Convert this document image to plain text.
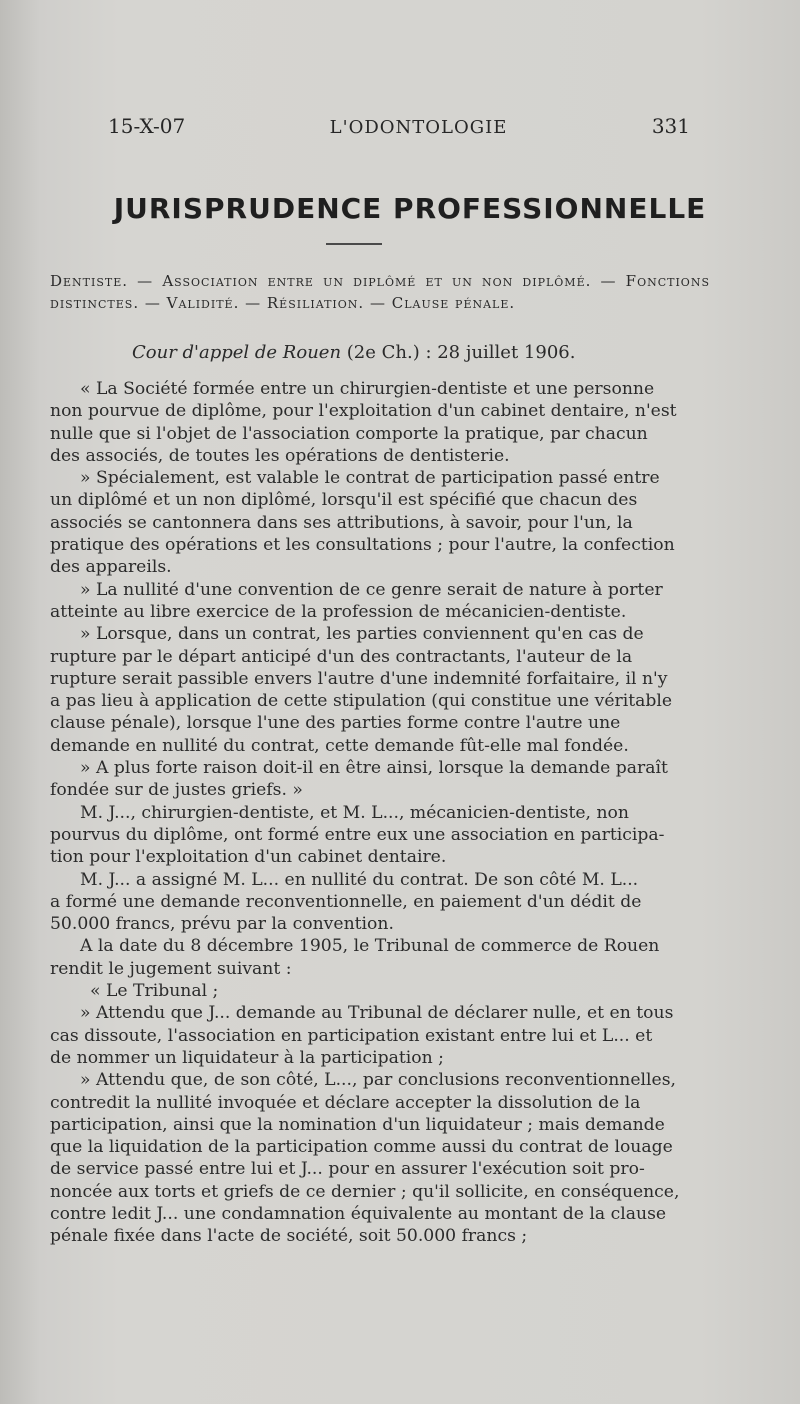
15-X-07	L'ODONTOLOGIE	331
JURISPRUDENCE PROFESSIONNELLE
Dentiste. — Association entre un diplômé et un non diplômé. — Fonctions distinctes. — Validité. — Résiliation. — Clause pénale.
Cour d'appel de Rouen (2e Ch.) : 28 juillet 1906.
« La Société formée entre un chirurgien-dentiste et une personne
non pourvue de diplôme, pour l'exploitation d'un cabinet dentaire, n'est
nulle que si l'objet de l'association comporte la pratique, par chacun
des associés, de toutes les opérations de dentisterie.
» Spécialement, est valable le contrat de participation passé entre
un diplômé et un non diplômé, lorsqu'il est spécifié que chacun des
associés se cantonnera dans ses attributions, à savoir, pour l'un, la
pratique des opérations et les consultations ; pour l'autre, la confection
des appareils.
» La nullité d'une convention de ce genre serait de nature à porter
atteinte au libre exercice de la profession de mécanicien-dentiste.
» Lorsque, dans un contrat, les parties conviennent qu'en cas de
rupture par le départ anticipé d'un des contractants, l'auteur de la
rupture serait passible envers l'autre d'une indemnité forfaitaire, il n'y
a pas lieu à application de cette stipulation (qui constitue une véritable
clause pénale), lorsque l'une des parties forme contre l'autre une
demande en nullité du contrat, cette demande fût-elle mal fondée.
» A plus forte raison doit-il en être ainsi, lorsque la demande paraît
fondée sur de justes griefs. »
M. J..., chirurgien-dentiste, et M. L..., mécanicien-dentiste, non
pourvus du diplôme, ont formé entre eux une association en participa-
tion pour l'exploitation d'un cabinet dentaire.
M. J... a assigné M. L... en nullité du contrat. De son côté M. L...
a formé une demande reconventionnelle, en paiement d'un dédit de
50.000 francs, prévu par la convention.
A la date du 8 décembre 1905, le Tribunal de commerce de Rouen
rendit le jugement suivant :
« Le Tribunal ;
» Attendu que J... demande au Tribunal de déclarer nulle, et en tous
cas dissoute, l'association en participation existant entre lui et L... et
de nommer un liquidateur à la participation ;
» Attendu que, de son côté, L..., par conclusions reconventionnelles,
contredit la nullité invoquée et déclare accepter la dissolution de la
participation, ainsi que la nomination d'un liquidateur ; mais demande
que la liquidation de la participation comme aussi du contrat de louage
de service passé entre lui et J... pour en assurer l'exécution soit pro-
noncée aux torts et griefs de ce dernier ; qu'il sollicite, en conséquence,
contre ledit J... une condamnation équivalente au montant de la clause
pénale fixée dans l'acte de société, soit 50.000 francs ;
